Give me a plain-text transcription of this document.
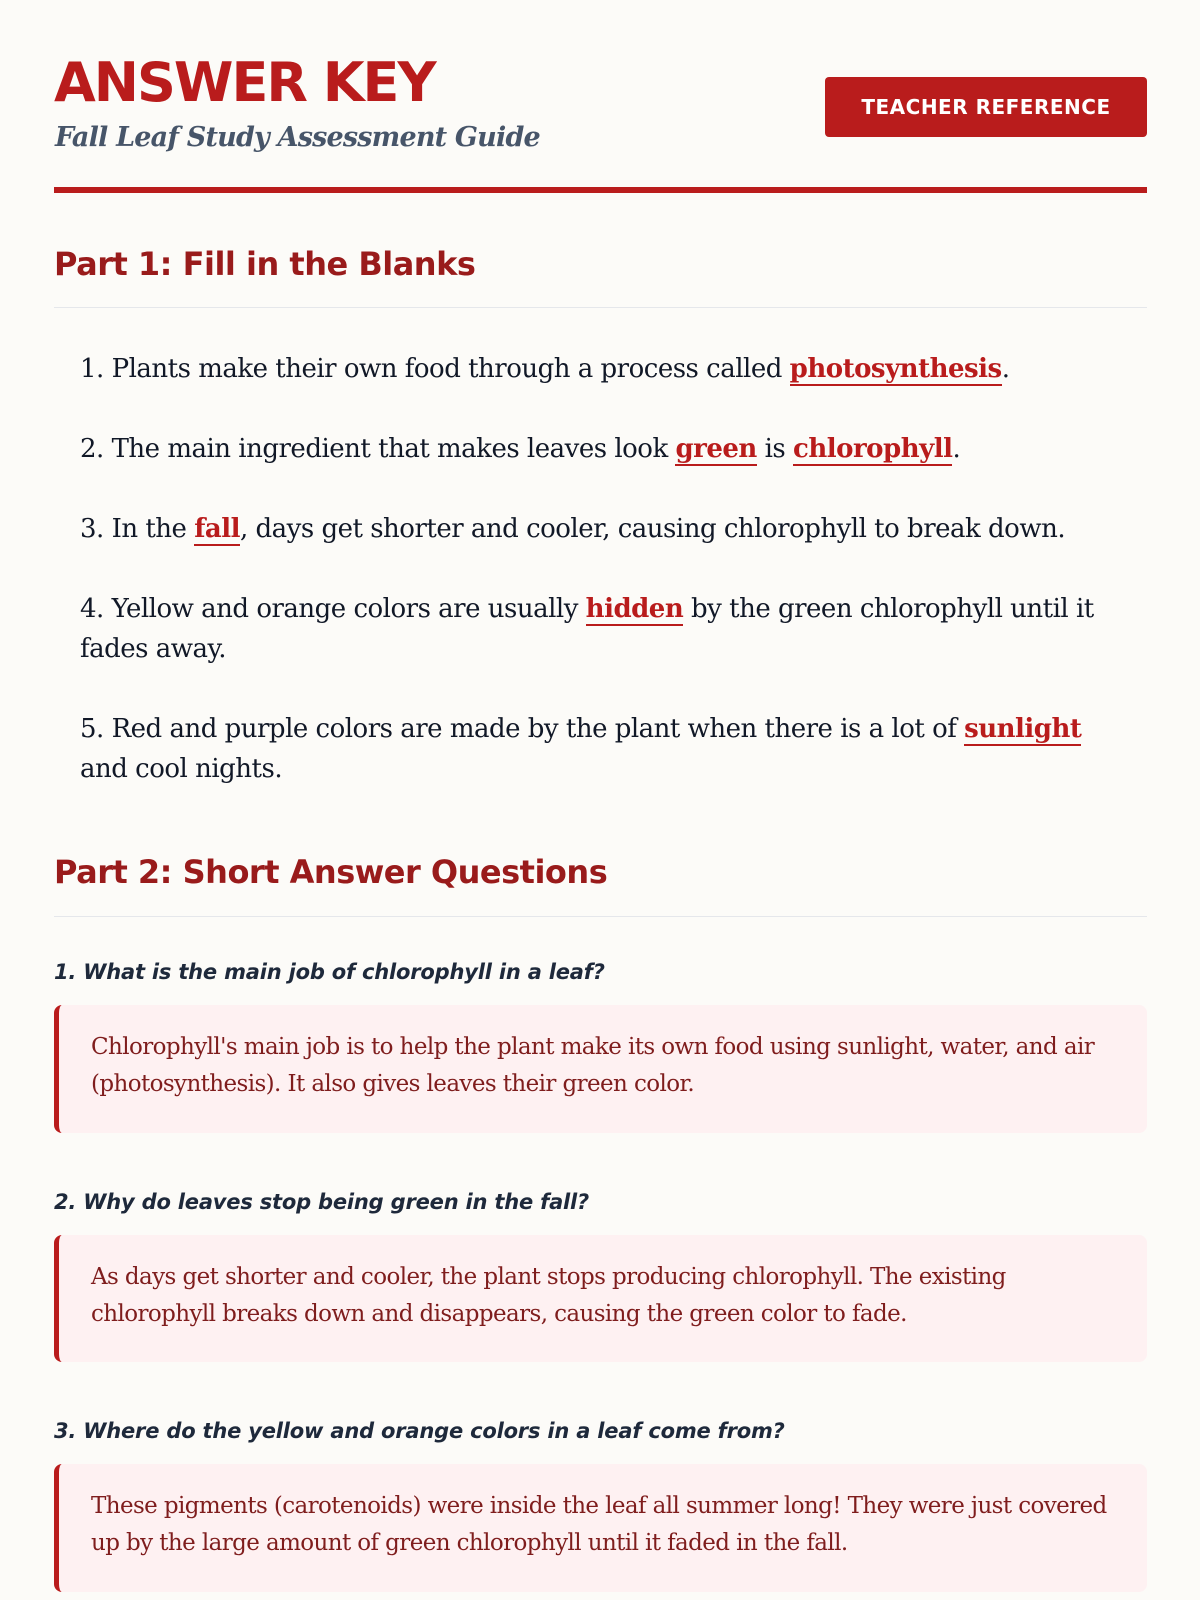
ANSWER KEY
Fall Leaf Study Assessment Guide
TEACHER REFERENCE
Part 1: Fill in the Blanks
1. Plants make their own food through a process called photosynthesis.
2. The main ingredient that makes leaves look green is chlorophyll.
3. In the fall, days get shorter and cooler, causing chlorophyll to break down.
4. Yellow and orange colors are usually hidden by the green chlorophyll until it fades away.
5. Red and purple colors are made by the plant when there is a lot of sunlight and cool nights.
Part 2: Short Answer Questions
1. What is the main job of chlorophyll in a leaf?
Chlorophyll's main job is to help the plant make its own food using sunlight, water, and air (photosynthesis). It also gives leaves their green color.
2. Why do leaves stop being green in the fall?
As days get shorter and cooler, the plant stops producing chlorophyll. The existing chlorophyll breaks down and disappears, causing the green color to fade.
3. Where do the yellow and orange colors in a leaf come from?
These pigments (carotenoids) were inside the leaf all summer long! They were just covered up by the large amount of green chlorophyll until it faded in the fall.
